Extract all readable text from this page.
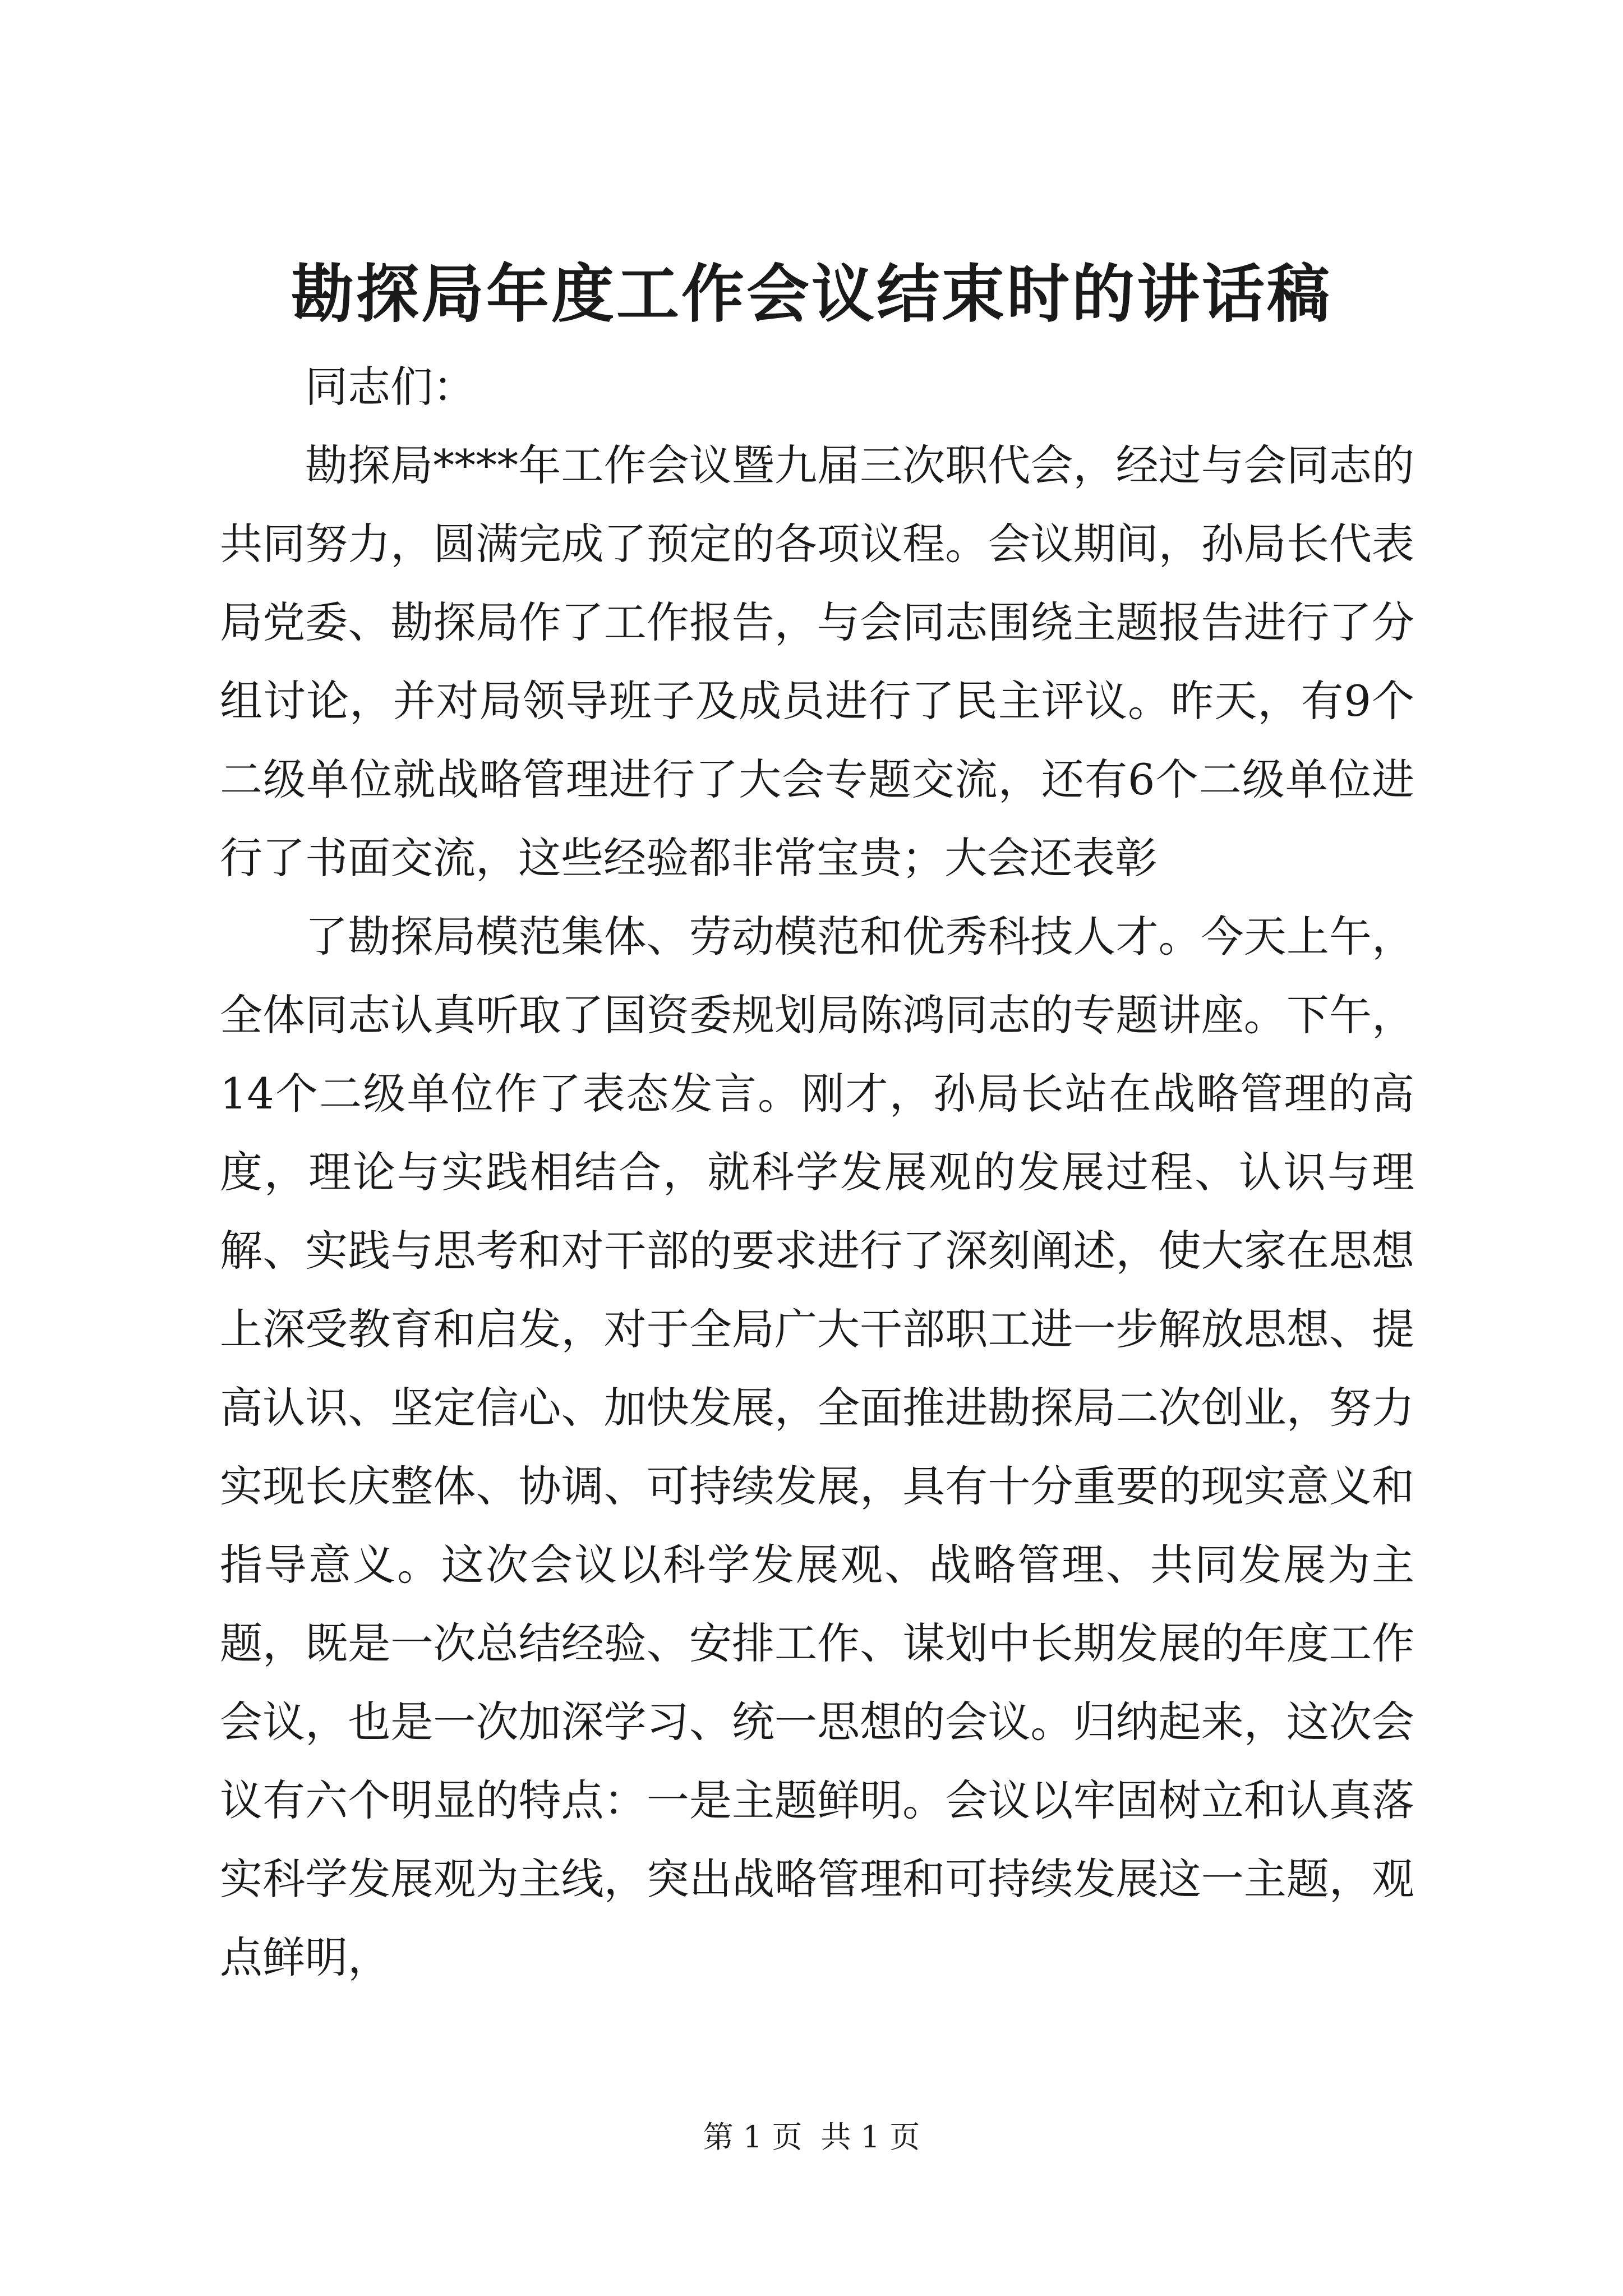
勘探局年度工作会议结束时的讲话稿

同志们：

勘探局****年工作会议暨九届三次职代会，经过与会同志的共同努力，圆满完成了预定的各项议程。会议期间，孙局长代表局党委、勘探局作了工作报告，与会同志围绕主题报告进行了分组讨论，并对局领导班子及成员进行了民主评议。昨天，有9个二级单位就战略管理进行了大会专题交流，还有6个二级单位进行了书面交流，这些经验都非常宝贵；大会还表彰

了勘探局模范集体、劳动模范和优秀科技人才。今天上午，全体同志认真听取了国资委规划局陈鸿同志的专题讲座。下午，14个二级单位作了表态发言。刚才，孙局长站在战略管理的高度，理论与实践相结合，就科学发展观的发展过程、认识与理解、实践与思考和对干部的要求进行了深刻阐述，使大家在思想上深受教育和启发，对于全局广大干部职工进一步解放思想、提高认识、坚定信心、加快发展，全面推进勘探局二次创业，努力实现长庆整体、协调、可持续发展，具有十分重要的现实意义和指导意义。这次会议以科学发展观、战略管理、共同发展为主题，既是一次总结经验、安排工作、谋划中长期发展的年度工作会议，也是一次加深学习、统一思想的会议。归纳起来，这次会议有六个明显的特点：一是主题鲜明。会议以牢固树立和认真落实科学发展观为主线，突出战略管理和可持续发展这一主题，观点鲜明，

第 1 页 共 1 页
